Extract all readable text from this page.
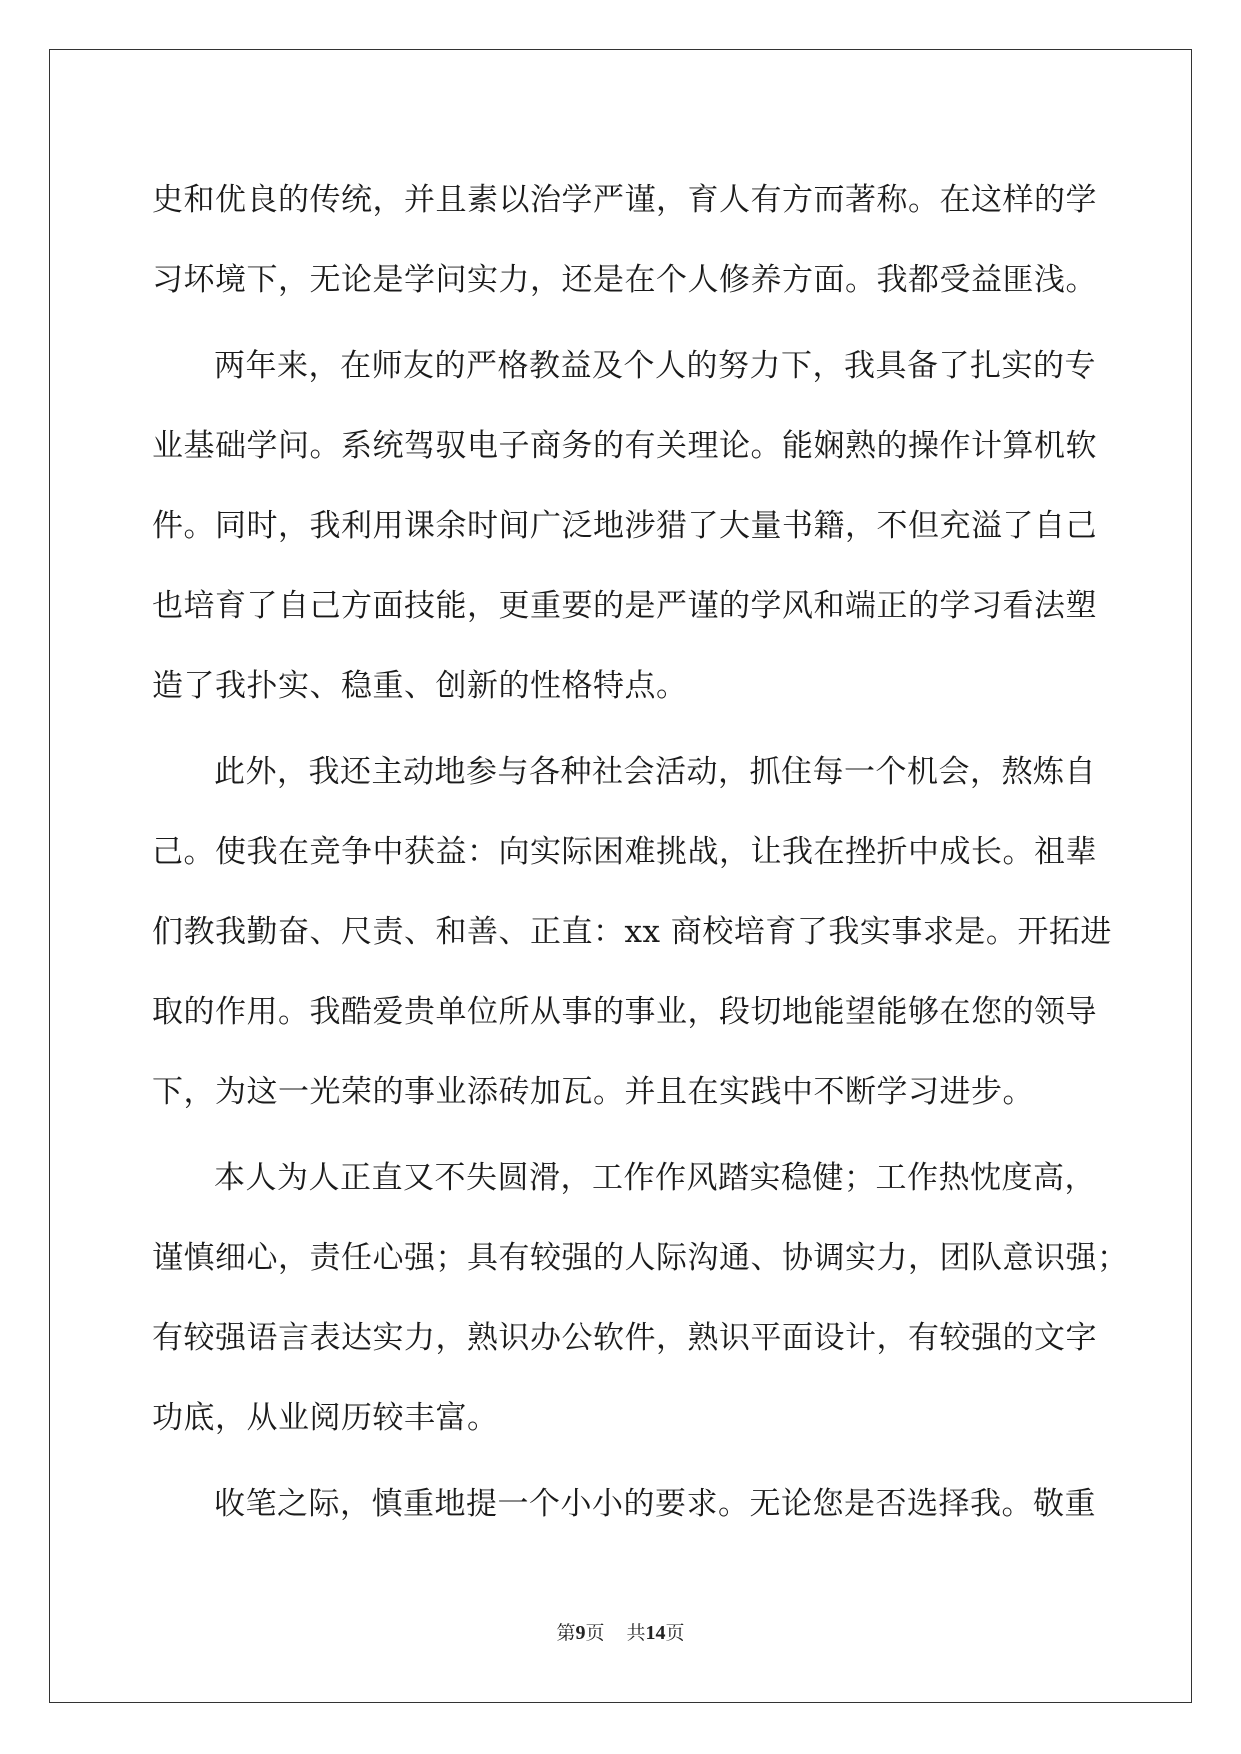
史和优良的传统，并且素以治学严谨，育人有方而著称。在这样的学
习坏境下，无论是学问实力，还是在个人修养方面。我都受益匪浅。
两年来，在师友的严格教益及个人的努力下，我具备了扎实的专
业基础学问。系统驾驭电子商务的有关理论。能娴熟的操作计算机软
件。同时，我利用课余时间广泛地涉猎了大量书籍，不但充溢了自己
也培育了自己方面技能，更重要的是严谨的学风和端正的学习看法塑
造了我扑实、稳重、创新的性格特点。
此外，我还主动地参与各种社会活动，抓住每一个机会，熬炼自
己。使我在竞争中获益：向实际困难挑战，让我在挫折中成长。祖辈
们教我勤奋、尺责、和善、正直：xx 商校培育了我实事求是。开拓进
取的作用。我酷爱贵单位所从事的事业，段切地能望能够在您的领导
下，为这一光荣的事业添砖加瓦。并且在实践中不断学习进步。
本人为人正直又不失圆滑，工作作风踏实稳健；工作热忱度高，
谨慎细心，责任心强；具有较强的人际沟通、协调实力，团队意识强；
有较强语言表达实力，熟识办公软件，熟识平面设计，有较强的文字
功底，从业阅历较丰富。
收笔之际，慎重地提一个小小的要求。无论您是否选择我。敬重
第9页 共14页
